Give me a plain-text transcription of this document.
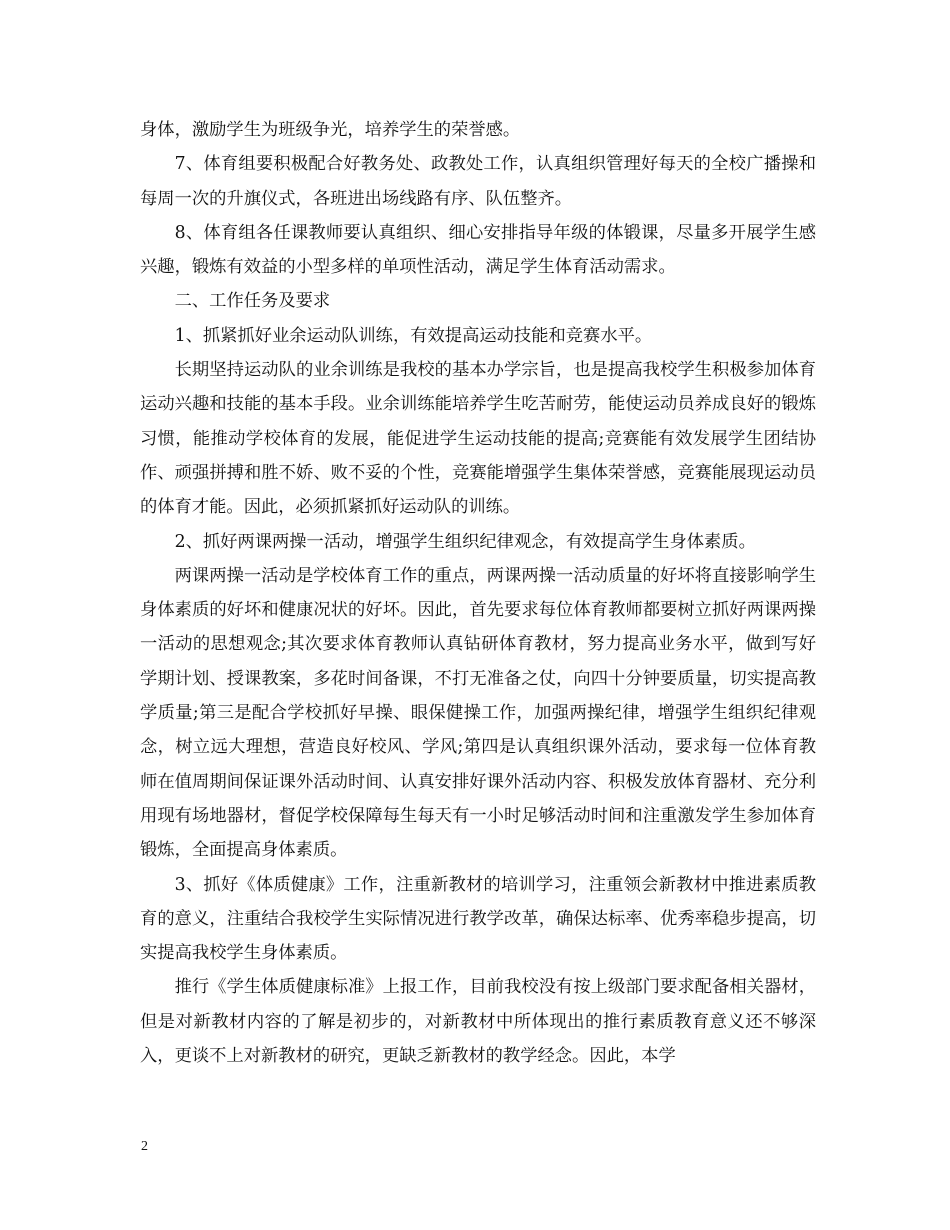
身体，激励学生为班级争光，培养学生的荣誉感。

7、体育组要积极配合好教务处、政教处工作，认真组织管理好每天的全校广播操和每周一次的升旗仪式，各班进出场线路有序、队伍整齐。

8、体育组各任课教师要认真组织、细心安排指导年级的体锻课，尽量多开展学生感兴趣，锻炼有效益的小型多样的单项性活动，满足学生体育活动需求。

二、工作任务及要求

1、抓紧抓好业余运动队训练，有效提高运动技能和竞赛水平。

长期坚持运动队的业余训练是我校的基本办学宗旨，也是提高我校学生积极参加体育运动兴趣和技能的基本手段。业余训练能培养学生吃苦耐劳，能使运动员养成良好的锻炼习惯，能推动学校体育的发展，能促进学生运动技能的提高;竞赛能有效发展学生团结协作、顽强拼搏和胜不娇、败不妥的个性，竞赛能增强学生集体荣誉感，竞赛能展现运动员的体育才能。因此，必须抓紧抓好运动队的训练。

2、抓好两课两操一活动，增强学生组织纪律观念，有效提高学生身体素质。

两课两操一活动是学校体育工作的重点，两课两操一活动质量的好坏将直接影响学生身体素质的好坏和健康况状的好坏。因此，首先要求每位体育教师都要树立抓好两课两操一活动的思想观念;其次要求体育教师认真钻研体育教材，努力提高业务水平，做到写好学期计划、授课教案，多花时间备课，不打无准备之仗，向四十分钟要质量，切实提高教学质量;第三是配合学校抓好早操、眼保健操工作，加强两操纪律，增强学生组织纪律观念，树立远大理想，营造良好校风、学风;第四是认真组织课外活动，要求每一位体育教师在值周期间保证课外活动时间、认真安排好课外活动内容、积极发放体育器材、充分利用现有场地器材，督促学校保障每生每天有一小时足够活动时间和注重激发学生参加体育锻炼，全面提高身体素质。

3、抓好《体质健康》工作，注重新教材的培训学习，注重领会新教材中推进素质教育的意义，注重结合我校学生实际情况进行教学改革，确保达标率、优秀率稳步提高，切实提高我校学生身体素质。

推行《学生体质健康标准》上报工作，目前我校没有按上级部门要求配备相关器材，但是对新教材内容的了解是初步的，对新教材中所体现出的推行素质教育意义还不够深入，更谈不上对新教材的研究，更缺乏新教材的教学经念。因此，本学

2
